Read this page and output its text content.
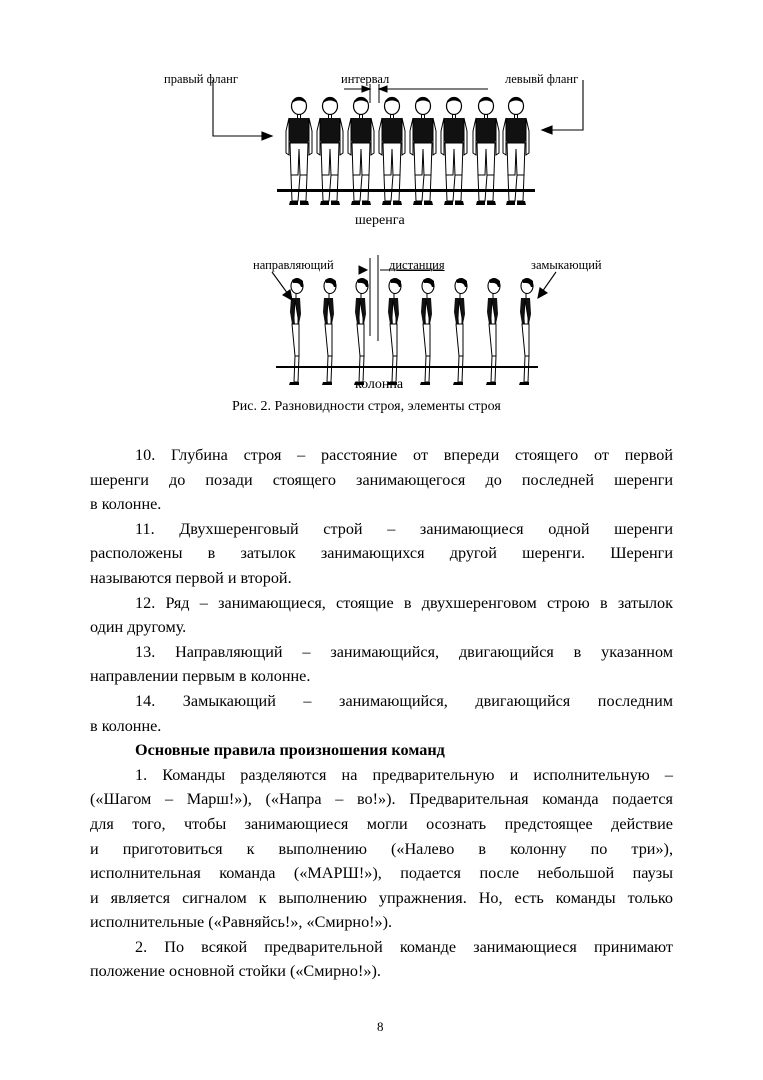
правый фланг	интервал	левывй фланг
шеренга
направляющий	дистанция	замыкающий
колонна
Рис. 2. Разновидности строя, элементы строя

10. Глубина строя – расстояние от впереди стоящего от первой

шеренги до позади стоящего занимающегося до последней шеренги

в колонне.

11. Двухшеренговый строй – занимающиеся одной шеренги

расположены в затылок занимающихся другой шеренги. Шеренги

называются первой и второй.

12. Ряд – занимающиеся, стоящие в двухшеренговом строю в затылок

один другому.

13. Направляющий – занимающийся, двигающийся в указанном

направлении первым в колонне.

14. Замыкающий – занимающийся, двигающийся последним

в колонне.

Основные правила произношения команд

1. Команды разделяются на предварительную и исполнительную –

(«Шагом – Марш!»), («Напра – во!»). Предварительная команда подается

для того, чтобы занимающиеся могли осознать предстоящее действие

и приготовиться к выполнению («Налево в колонну по три»),

исполнительная команда («МАРШ!»), подается после небольшой паузы

и является сигналом к выполнению упражнения. Но, есть команды только

исполнительные («Равняйсь!», «Смирно!»).

2. По всякой предварительной команде занимающиеся принимают

положение основной стойки («Смирно!»).

8
